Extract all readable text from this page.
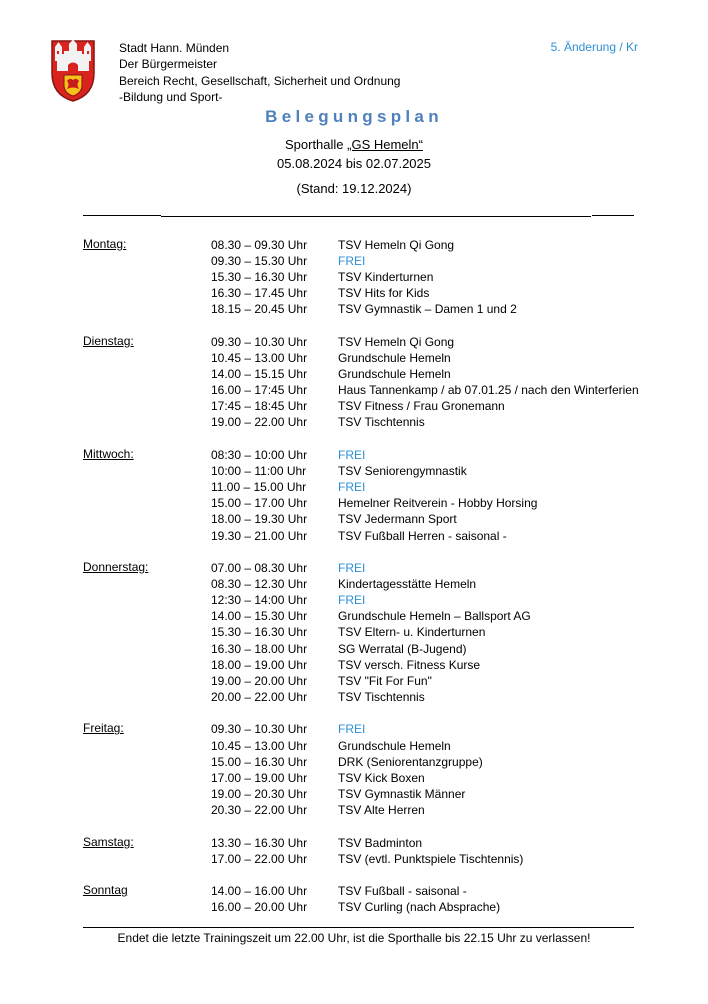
Stadt Hann. Münden
Der Bürgermeister
Bereich Recht, Gesellschaft, Sicherheit und Ordnung
-Bildung und Sport-
5. Änderung / Kr
Belegungsplan
Sporthalle „GS Hemeln“
05.08.2024 bis 02.07.2025
(Stand: 19.12.2024)
Montag:	08.30 – 09.30 Uhr	TSV Hemeln Qi Gong
09.30 – 15.30 Uhr	FREI
15.30 – 16.30 Uhr	TSV Kinderturnen
16.30 – 17.45 Uhr	TSV Hits for Kids
18.15 – 20.45 Uhr	TSV Gymnastik – Damen 1 und 2
Dienstag:	09.30 – 10.30 Uhr	TSV Hemeln Qi Gong
10.45 – 13.00 Uhr	Grundschule Hemeln
14.00 – 15.15 Uhr	Grundschule Hemeln
16.00 – 17:45 Uhr	Haus Tannenkamp / ab 07.01.25 / nach den Winterferien
17:45 – 18:45 Uhr	TSV Fitness / Frau Gronemann
19.00 – 22.00 Uhr	TSV Tischtennis
Mittwoch:	08:30 – 10:00 Uhr	FREI
10:00 – 11:00 Uhr	TSV Seniorengymnastik
11.00 – 15.00 Uhr	FREI
15.00 – 17.00 Uhr	Hemelner Reitverein - Hobby Horsing
18.00 – 19.30 Uhr	TSV Jedermann Sport
19.30 – 21.00 Uhr	TSV Fußball Herren - saisonal -
Donnerstag:	07.00 – 08.30 Uhr	FREI
08.30 – 12.30 Uhr	Kindertagesstätte Hemeln
12:30 – 14:00 Uhr	FREI
14.00 – 15.30 Uhr	Grundschule Hemeln – Ballsport AG
15.30 – 16.30 Uhr	TSV Eltern- u. Kinderturnen
16.30 – 18.00 Uhr	SG Werratal (B-Jugend)
18.00 – 19.00 Uhr	TSV versch. Fitness Kurse
19.00 – 20.00 Uhr	TSV "Fit For Fun"
20.00 – 22.00 Uhr	TSV Tischtennis
Freitag:	09.30 – 10.30 Uhr	FREI
10.45 – 13.00 Uhr	Grundschule Hemeln
15.00 – 16.30 Uhr	DRK (Seniorentanzgruppe)
17.00 – 19.00 Uhr	TSV Kick Boxen
19.00 – 20.30 Uhr	TSV Gymnastik Männer
20.30 – 22.00 Uhr	TSV Alte Herren
Samstag:	13.30 – 16.30 Uhr	TSV Badminton
17.00 – 22.00 Uhr	TSV (evtl. Punktspiele Tischtennis)
Sonntag	14.00 – 16.00 Uhr	TSV Fußball - saisonal -
16.00 – 20.00 Uhr	TSV Curling (nach Absprache)
Endet die letzte Trainingszeit um 22.00 Uhr, ist die Sporthalle bis 22.15 Uhr zu verlassen!
